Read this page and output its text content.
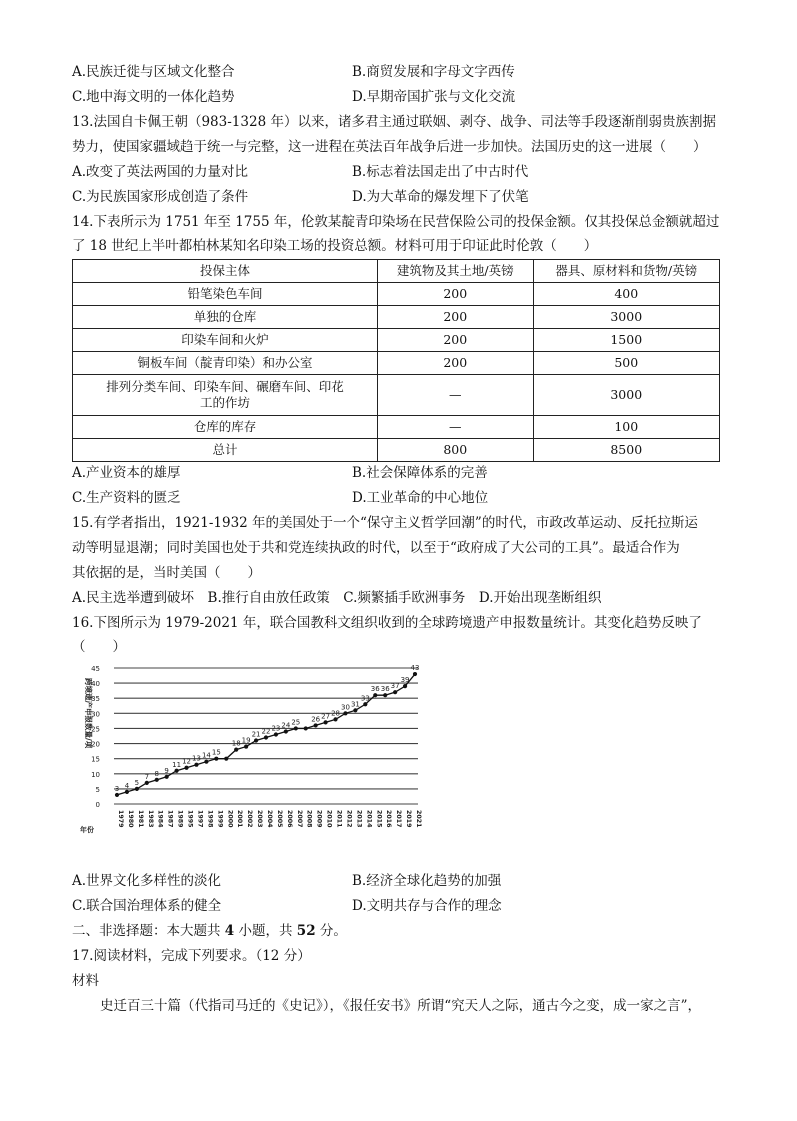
A.民族迁徙与区域文化整合	B.商贸发展和字母文字西传
C.地中海文明的一体化趋势	D.早期帝国扩张与文化交流
13.法国自卡佩王朝（983-1328 年）以来，诸多君主通过联姻、剥夺、战争、司法等手段逐渐削弱贵族割据
势力，使国家疆域趋于统一与完整，这一进程在英法百年战争后进一步加快。法国历史的这一进展（　　）
A.改变了英法两国的力量对比	B.标志着法国走出了中古时代
C.为民族国家形成创造了条件	D.为大革命的爆发埋下了伏笔
14.下表所示为 1751 年至 1755 年，伦敦某靛青印染场在民营保险公司的投保金额。仅其投保总金额就超过
了 18 世纪上半叶都柏林某知名印染工场的投资总额。材料可用于印证此时伦敦（　　）
投保主体	建筑物及其土地/英镑	器具、原材料和货物/英镑
铅笔染色车间	200	400
单独的仓库	200	3000
印染车间和火炉	200	1500
铜板车间（靛青印染）和办公室	200	500
排列分类车间、印染车间、碾磨车间、印花
工的作坊	—	3000
仓库的库存	—	100
总计	800	8500
A.产业资本的雄厚	B.社会保障体系的完善
C.生产资料的匮乏	D.工业革命的中心地位
15.有学者指出，1921-1932 年的美国处于一个“保守主义哲学回潮”的时代，市政改革运动、反托拉斯运
动等明显退潮；同时美国也处于共和党连续执政的时代，以至于“政府成了大公司的工具”。最适合作为
其依据的是，当时美国（　　）
A.民主选举遭到破坏　B.推行自由放任政策　C.频繁插手欧洲事务　D.开始出现垄断组织
16.下图所示为 1979-2021 年，联合国教科文组织收到的全球跨境遗产申报数量统计。其变化趋势反映了
（　　）
0
5
10
15
20
25
30
35
40
45
跨境遗产申报数量/项
年份
1979 1980 1981 1983 1984 1987 1989 1995 1997 1998 1999 2000 2001 2002 2003 2004 2005 2006 2007 2008 2009 2010 2011 2012 2013 2014 2015 2016 2017 2019 2021
3 4 5
7 8 9
11 12 13 14 15
18 19
21 22 23 24 25 26 27 28
30 31
33
36 36 37
39
43
A.世界文化多样性的淡化	B.经济全球化趋势的加强
C.联合国治理体系的健全	D.文明共存与合作的理念
二、非选择题：本大题共 4 小题，共 52 分。
17.阅读材料，完成下列要求。（12 分）
材料
史迁百三十篇（代指司马迁的《史记》），《报任安书》所谓“究天人之际，通古今之变，成一家之言”，
